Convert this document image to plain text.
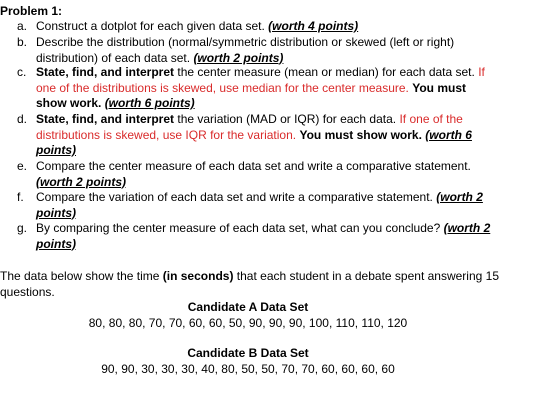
Problem 1:
a. Construct a dotplot for each given data set. (worth 4 points)
b. Describe the distribution (normal/symmetric distribution or skewed (left or right) distribution) of each data set. (worth 2 points)
c. State, find, and interpret the center measure (mean or median) for each data set. If one of the distributions is skewed, use median for the center measure. You must show work. (worth 6 points)
d. State, find, and interpret the variation (MAD or IQR) for each data. If one of the distributions is skewed, use IQR for the variation. You must show work. (worth 6 points)
e. Compare the center measure of each data set and write a comparative statement. (worth 2 points)
f.	Compare the variation of each data set and write a comparative statement. (worth 2 points)
g. By comparing the center measure of each data set, what can you conclude? (worth 2 points)
The data below show the time (in seconds) that each student in a debate spent answering 15 questions.
Candidate A Data Set
80, 80, 80, 70, 70, 60, 60, 50, 90, 90, 90, 100, 110, 110, 120
Candidate B Data Set
90, 90, 30, 30, 30, 40, 80, 50, 50, 70, 70, 60, 60, 60, 60
